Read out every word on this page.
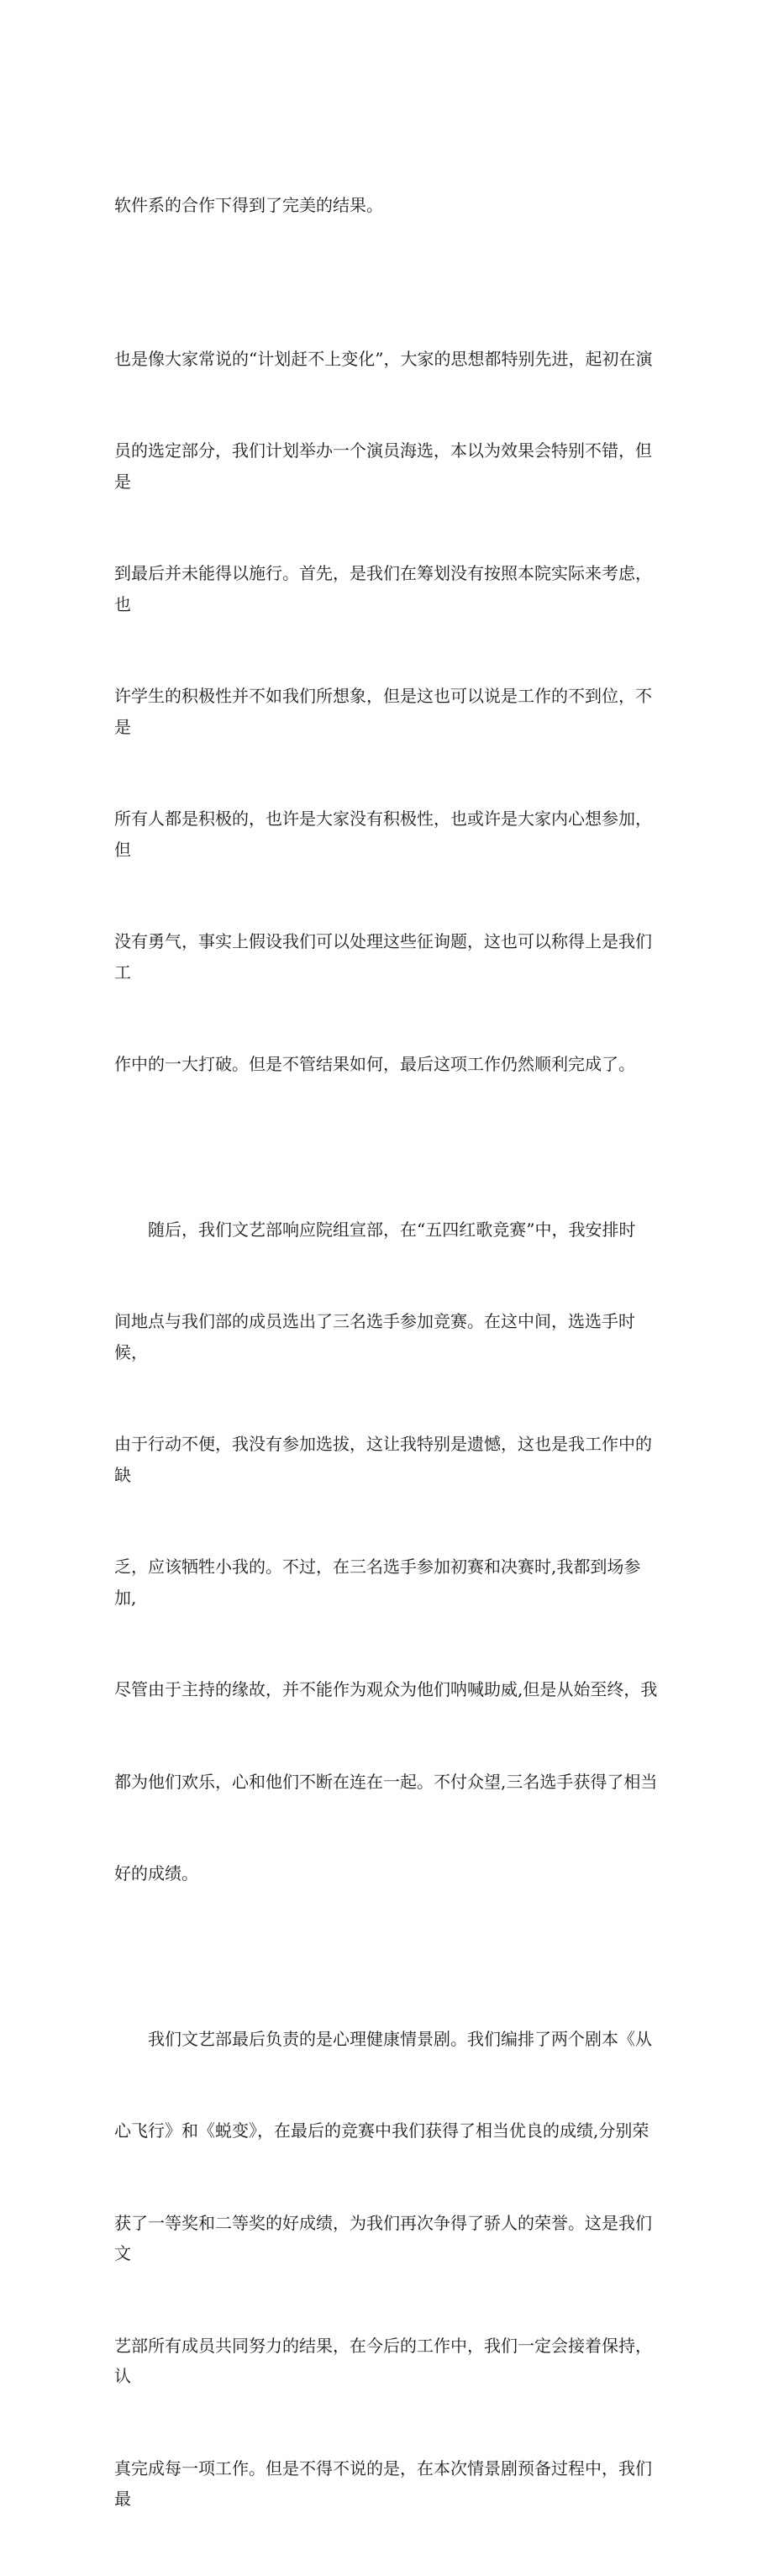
软件系的合作下得到了完美的结果。

也是像大家常说的“计划赶不上变化”，大家的思想都特别先进，起初在演

员的选定部分，我们计划举办一个演员海选，本以为效果会特别不错，但是

到最后并未能得以施行。首先，是我们在筹划没有按照本院实际来考虑，也

许学生的积极性并不如我们所想象，但是这也可以说是工作的不到位，不是

所有人都是积极的，也许是大家没有积极性，也或许是大家内心想参加，但

没有勇气，事实上假设我们可以处理这些征询题，这也可以称得上是我们工

作中的一大打破。但是不管结果如何，最后这项工作仍然顺利完成了。

随后，我们文艺部响应院组宣部，在“五四红歌竞赛”中，我安排时

间地点与我们部的成员选出了三名选手参加竞赛。在这中间，选选手时候，

由于行动不便，我没有参加选拔，这让我特别是遗憾，这也是我工作中的缺

乏，应该牺牲小我的。不过，在三名选手参加初赛和决赛时,我都到场参加,

尽管由于主持的缘故，并不能作为观众为他们呐喊助威,但是从始至终，我

都为他们欢乐，心和他们不断在连在一起。不付众望,三名选手获得了相当

好的成绩。

我们文艺部最后负责的是心理健康情景剧。我们编排了两个剧本《从

心飞行》和《蜕变》，在最后的竞赛中我们获得了相当优良的成绩,分别荣

获了一等奖和二等奖的好成绩，为我们再次争得了骄人的荣誉。这是我们文

艺部所有成员共同努力的结果，在今后的工作中，我们一定会接着保持，认

真完成每一项工作。但是不得不说的是，在本次情景剧预备过程中，我们最
